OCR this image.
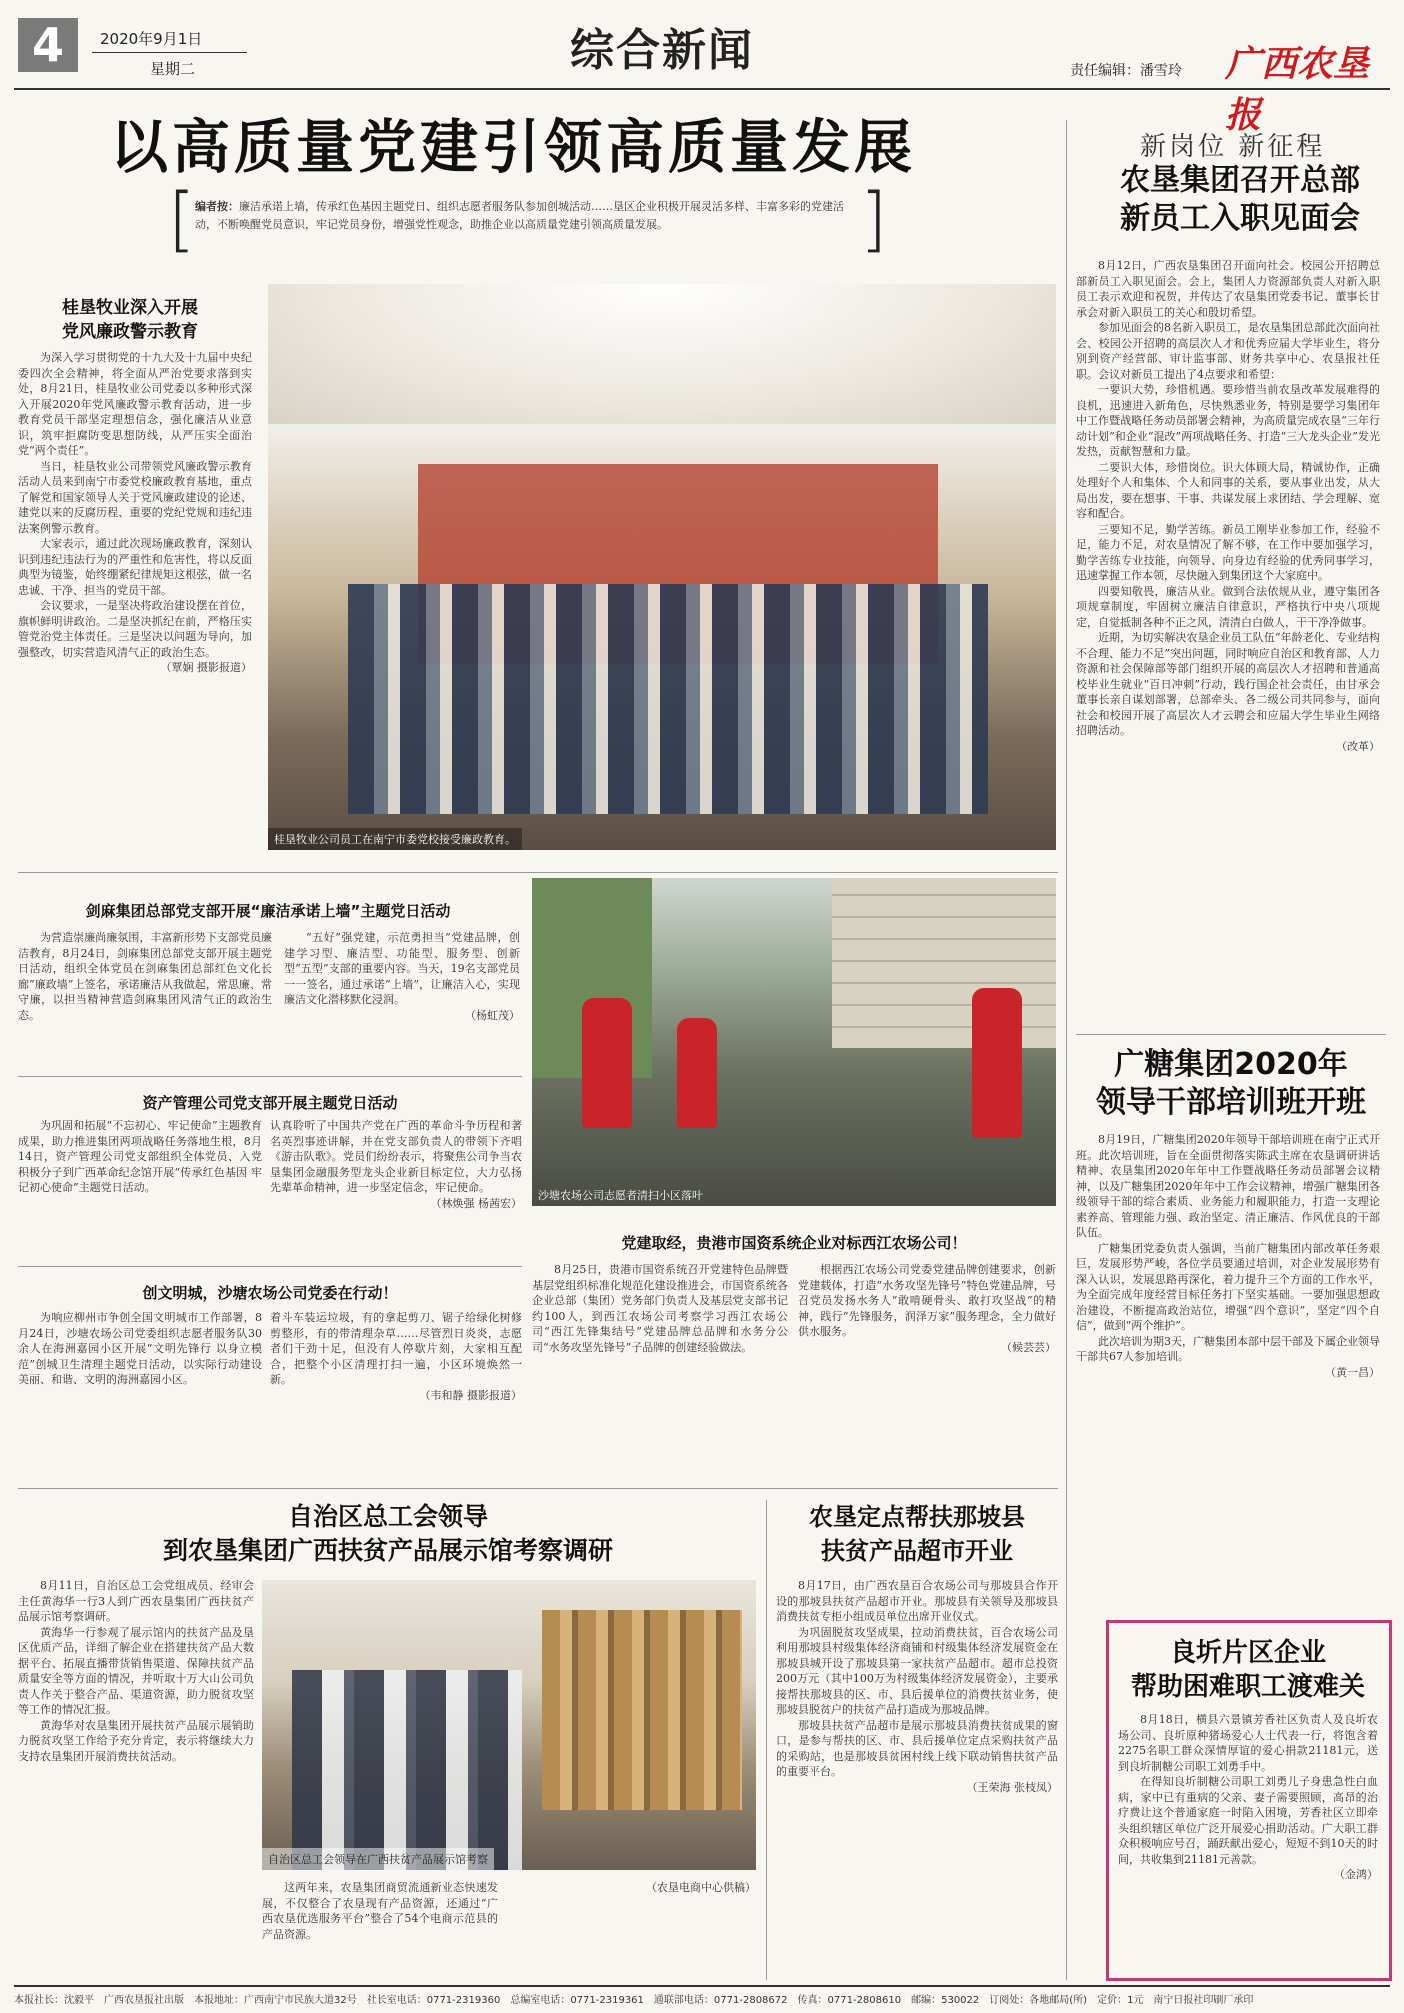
4	2020年9月1日
星期二	综合新闻	责任编辑：潘雪玲 广西农垦报
以高质量党建引领高质量发展
[ 编者按：廉洁承诺上墙，传承红色基因主题党日、组织志愿者服务队参加创城活动……垦区企业积极开展灵活多样、丰富多彩的党建活动，不断唤醒党员意识，牢记党员身份，增强党性观念，助推企业以高质量党建引领高质量发展。	]
桂垦牧业深入开展
党风廉政警示教育

为深入学习贯彻党的十九大及十九届中央纪委四次全会精神，将全面从严治党要求落到实处，8月21日，桂垦牧业公司党委以多种形式深入开展2020年党风廉政警示教育活动，进一步教育党员干部坚定理想信念，强化廉洁从业意识，筑牢拒腐防变思想防线，从严压实全面治党“两个责任”。

当日，桂垦牧业公司带领党风廉政警示教育活动人员来到南宁市委党校廉政教育基地，重点了解党和国家领导人关于党风廉政建设的论述、建党以来的反腐历程、重要的党纪党规和违纪违法案例警示教育。

大家表示，通过此次现场廉政教育，深刻认识到违纪违法行为的严重性和危害性，将以反面典型为镜鉴，始终绷紧纪律规矩这根弦，做一名忠诚、干净、担当的党员干部。

会议要求，一是坚决将政治建设摆在首位，旗帜鲜明讲政治。二是坚决抓纪在前，严格压实管党治党主体责任。三是坚决以问题为导向，加强整改，切实营造风清气正的政治生态。

（覃娴 摄影报道）

桂垦牧业公司员工在南宁市委党校接受廉政教育。
新岗位 新征程
农垦集团召开总部
新员工入职见面会

8月12日，广西农垦集团召开面向社会、校园公开招聘总部新员工入职见面会。会上，集团人力资源部负责人对新入职员工表示欢迎和祝贺，并传达了农垦集团党委书记、董事长甘承会对新入职员工的关心和殷切希望。

参加见面会的8名新入职员工，是农垦集团总部此次面向社会、校园公开招聘的高层次人才和优秀应届大学毕业生，将分别到资产经营部、审计监事部、财务共享中心、农垦报社任职。会议对新员工提出了4点要求和希望：

一要识大势，珍惜机遇。要珍惜当前农垦改革发展难得的良机，迅速进入新角色，尽快熟悉业务，特别是要学习集团年中工作暨战略任务动员部署会精神，为高质量完成农垦“三年行动计划”和企业“混改”两项战略任务、打造“三大龙头企业”发光发热，贡献智慧和力量。

二要识大体，珍惜岗位。识大体顾大局，精诚协作，正确处理好个人和集体、个人和同事的关系，要从事业出发，从大局出发，要在想事、干事、共谋发展上求团结、学会理解、宽容和配合。

三要知不足，勤学苦练。新员工刚毕业参加工作，经验不足，能力不足，对农垦情况了解不够，在工作中要加强学习，勤学苦练专业技能，向领导、向身边有经验的优秀同事学习，迅速掌握工作本领，尽快融入到集团这个大家庭中。

四要知敬畏，廉洁从业。做到合法依规从业，遵守集团各项规章制度，牢固树立廉洁自律意识，严格执行中央八项规定，自觉抵制各种不正之风，清清白白做人，干干净净做事。

近期，为切实解决农垦企业员工队伍“年龄老化、专业结构不合理、能力不足”突出问题，同时响应自治区和教育部、人力资源和社会保障部等部门组织开展的高层次人才招聘和普通高校毕业生就业“百日冲刺”行动，践行国企社会责任，由甘承会董事长亲自谋划部署，总部牵头、各二级公司共同参与，面向社会和校园开展了高层次人才云聘会和应届大学生毕业生网络招聘活动。

（改革）

广糖集团2020年
领导干部培训班开班

8月19日，广糖集团2020年领导干部培训班在南宁正式开班。此次培训班，旨在全面贯彻落实陈武主席在农垦调研讲话精神、农垦集团2020年年中工作暨战略任务动员部署会议精神，以及广糖集团2020年年中工作会议精神，增强广糖集团各级领导干部的综合素质、业务能力和履职能力，打造一支理论素养高、管理能力强、政治坚定、清正廉洁、作风优良的干部队伍。

广糖集团党委负责人强调，当前广糖集团内部改革任务艰巨，发展形势严峻，各位学员要通过培训，对企业发展形势有深入认识，发展思路再深化，着力提升三个方面的工作水平，为全面完成年度经营目标任务打下坚实基础。一要加强思想政治建设，不断提高政治站位，增强“四个意识”，坚定“四个自信”，做到“两个维护”。

此次培训为期3天，广糖集团本部中层干部及下属企业领导干部共67人参加培训。

（黄一昌）

良圻片区企业
帮助困难职工渡难关

8月18日，横县六景镇芳香社区负责人及良圻农场公司、良圻原种猪场爱心人士代表一行，将饱含着2275名职工群众深情厚谊的爱心捐款21181元，送到良圻制糖公司职工刘勇手中。

在得知良圻制糖公司职工刘勇儿子身患急性白血病，家中已有重病的父亲、妻子需要照顾，高昂的治疗费让这个普通家庭一时陷入困境，芳香社区立即牵头组织辖区单位广泛开展爱心捐助活动。广大职工群众积极响应号召，踊跃献出爱心，短短不到10天的时间，共收集到21181元善款。

（金鸿）

剑麻集团总部党支部开展“廉洁承诺上墙”主题党日活动

为营造崇廉尚廉氛围，丰富新形势下支部党员廉洁教育，8月24日，剑麻集团总部党支部开展主题党日活动，组织全体党员在剑麻集团总部红色文化长廊“廉政墙”上签名，承诺廉洁从我做起，常思廉、常守廉，以担当精神营造剑麻集团风清气正的政治生态。

“五好”强党建，示范勇担当”党建品牌，创建学习型、廉洁型、功能型、服务型、创新型“五型”支部的重要内容。当天，19名支部党员一一签名，通过承诺“上墙”，让廉洁入心，实现廉洁文化潜移默化浸润。

（杨虹茂）

沙塘农场公司志愿者清扫小区落叶
资产管理公司党支部开展主题党日活动

为巩固和拓展“不忘初心、牢记使命”主题教育成果，助力推进集团两项战略任务落地生根，8月14日，资产管理公司党支部组织全体党员、入党积极分子到广西革命纪念馆开展“传承红色基因 牢记初心使命”主题党日活动。

认真聆听了中国共产党在广西的革命斗争历程和著名英烈事迹讲解，并在党支部负责人的带领下齐唱《游击队歌》。党员们纷纷表示，将聚焦公司争当农垦集团金融服务型龙头企业新目标定位，大力弘扬先辈革命精神，进一步坚定信念，牢记使命。

（林焕强 杨茜宏）

党建取经，贵港市国资系统企业对标西江农场公司！

8月25日，贵港市国资系统召开党建特色品牌暨基层党组织标准化规范化建设推进会，市国资系统各企业总部（集团）党务部门负责人及基层党支部书记约100人，到西江农场公司考察学习西江农场公司“西江先锋集结号”党建品牌总品牌和水务分公司“水务攻坚先锋号”子品牌的创建经验做法。

根据西江农场公司党委党建品牌创建要求，创新党建载体，打造“水务攻坚先锋号”特色党建品牌，号召党员发扬水务人“敢啃硬骨头、敢打攻坚战”的精神，践行“先锋服务，润泽万家”服务理念，全力做好供水服务。

（候芸芸）

创文明城，沙塘农场公司党委在行动！

为响应柳州市争创全国文明城市工作部署，8月24日，沙塘农场公司党委组织志愿者服务队30余人在海洲嘉园小区开展“文明先锋行 以身立模范”创城卫生清理主题党日活动，以实际行动建设美丽、和谐、文明的海洲嘉园小区。

着斗车装运垃圾，有的拿起剪刀、锯子给绿化树修剪整形，有的带清理杂草……尽管烈日炎炎，志愿者们干劲十足，但没有人停歇片刻，大家相互配合，把整个小区清理打扫一遍，小区环境焕然一新。

（韦和静 摄影报道）

自治区总工会领导
到农垦集团广西扶贫产品展示馆考察调研

8月11日，自治区总工会党组成员、经审会主任黄海华一行3人到广西农垦集团广西扶贫产品展示馆考察调研。

黄海华一行参观了展示馆内的扶贫产品及垦区优质产品，详细了解企业在搭建扶贫产品大数据平台、拓展直播带货销售渠道、保障扶贫产品质量安全等方面的情况，并听取十万大山公司负责人作关于整合产品、渠道资源，助力脱贫攻坚等工作的情况汇报。

黄海华对农垦集团开展扶贫产品展示展销助力脱贫攻坚工作给予充分肯定，表示将继续大力支持农垦集团开展消费扶贫活动。

自治区总工会领导在广西扶贫产品展示馆考察

这两年来，农垦集团商贸流通新业态快速发展，不仅整合了农垦现有产品资源，还通过“广西农垦优选服务平台”整合了54个电商示范县的产品资源。

（农垦电商中心供稿）

农垦定点帮扶那坡县
扶贫产品超市开业

8月17日，由广西农垦百合农场公司与那坡县合作开设的那坡县扶贫产品超市开业。那坡县有关领导及那坡县消费扶贫专柜小组成员单位出席开业仪式。

为巩固脱贫攻坚成果，拉动消费扶贫，百合农场公司利用那坡县村级集体经济商铺和村级集体经济发展资金在那坡县城开设了那坡县第一家扶贫产品超市。超市总投资200万元（其中100万为村级集体经济发展资金），主要承接帮扶那坡县的区、市、县后援单位的消费扶贫业务，使那坡县脱贫户的扶贫产品打造成为那坡品牌。

那坡县扶贫产品超市是展示那坡县消费扶贫成果的窗口，是参与帮扶的区、市、县后援单位定点采购扶贫产品的采购站，也是那坡县贫困村线上线下联动销售扶贫产品的重要平台。

（王荣海 张枝凤）

本报社长：沈毅平　广西农垦报社出版　本报地址：广西南宁市民族大道32号　社长室电话：0771-2319360　总编室电话：0771-2319361　通联部电话：0771-2808672　传真：0771-2808610　邮编：530022　订阅处：各地邮局(所)　定价：1元　南宁日报社印刷厂承印
